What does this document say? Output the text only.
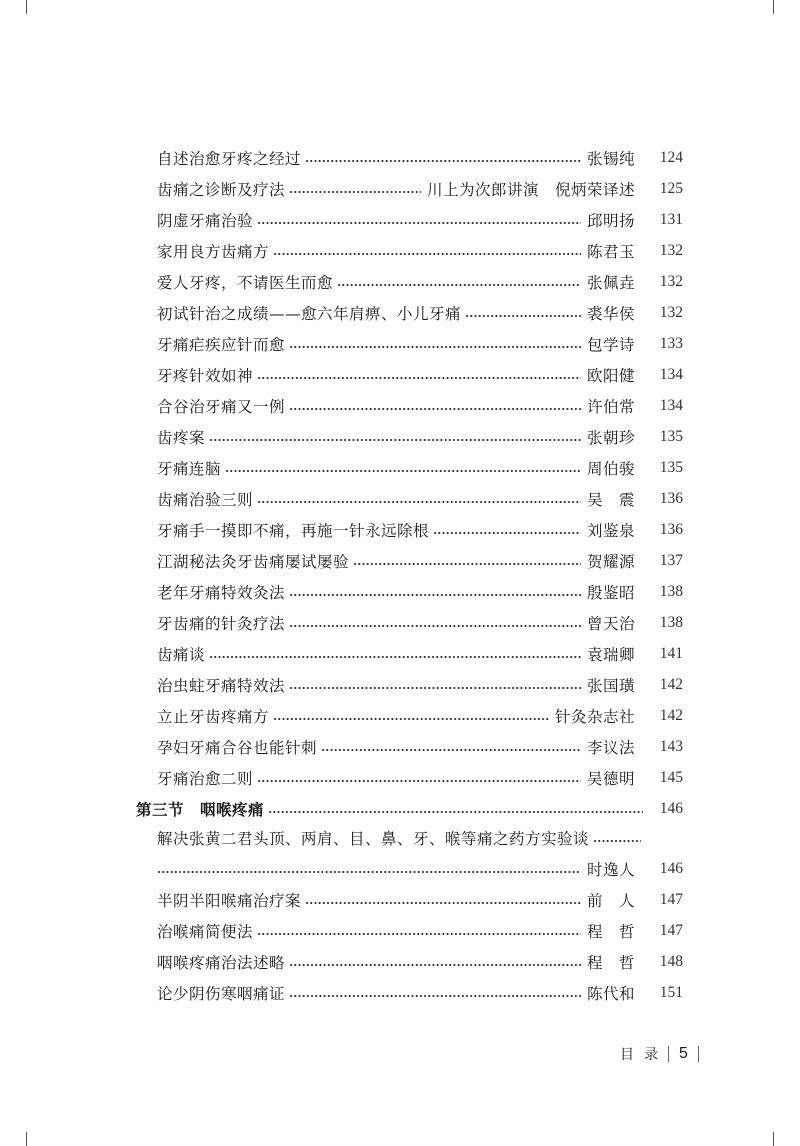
自述治愈牙疼之经过	张锡纯	124
齿痛之诊断及疗法	川上为次郎讲演　倪炳荣译述	125
阴虚牙痛治验	邱明扬	131
家用良方齿痛方	陈君玉	132
爱人牙疼，不请医生而愈	张佩垚	132
初试针治之成绩——愈六年肩痹、小儿牙痛	裘华侯	132
牙痛疟疾应针而愈	包学诗	133
牙疼针效如神	欧阳健	134
合谷治牙痛又一例	许伯常	134
齿疼案	张朝珍	135
牙痛连脑	周伯骏	135
齿痛治验三则	吴　震	136
牙痛手一摸即不痛，再施一针永远除根	刘鉴泉	136
江湖秘法灸牙齿痛屡试屡验	贺耀源	137
老年牙痛特效灸法	殷鉴昭	138
牙齿痛的针灸疗法	曾天治	138
齿痛谈	袁瑞卿	141
治虫蛀牙痛特效法	张国璜	142
立止牙齿疼痛方	针灸杂志社	142
孕妇牙痛合谷也能针刺	李议法	143
牙痛治愈二则	吴德明	145
第三节　咽喉疼痛	146
解决张黄二君头顶、两肩、目、鼻、牙、喉等痛之药方实验谈
时逸人	146
半阴半阳喉痛治疗案	前　人	147
治喉痛简便法	程　哲	147
咽喉疼痛治法述略	程　哲	148
论少阴伤寒咽痛证	陈代和	151
目录 5
